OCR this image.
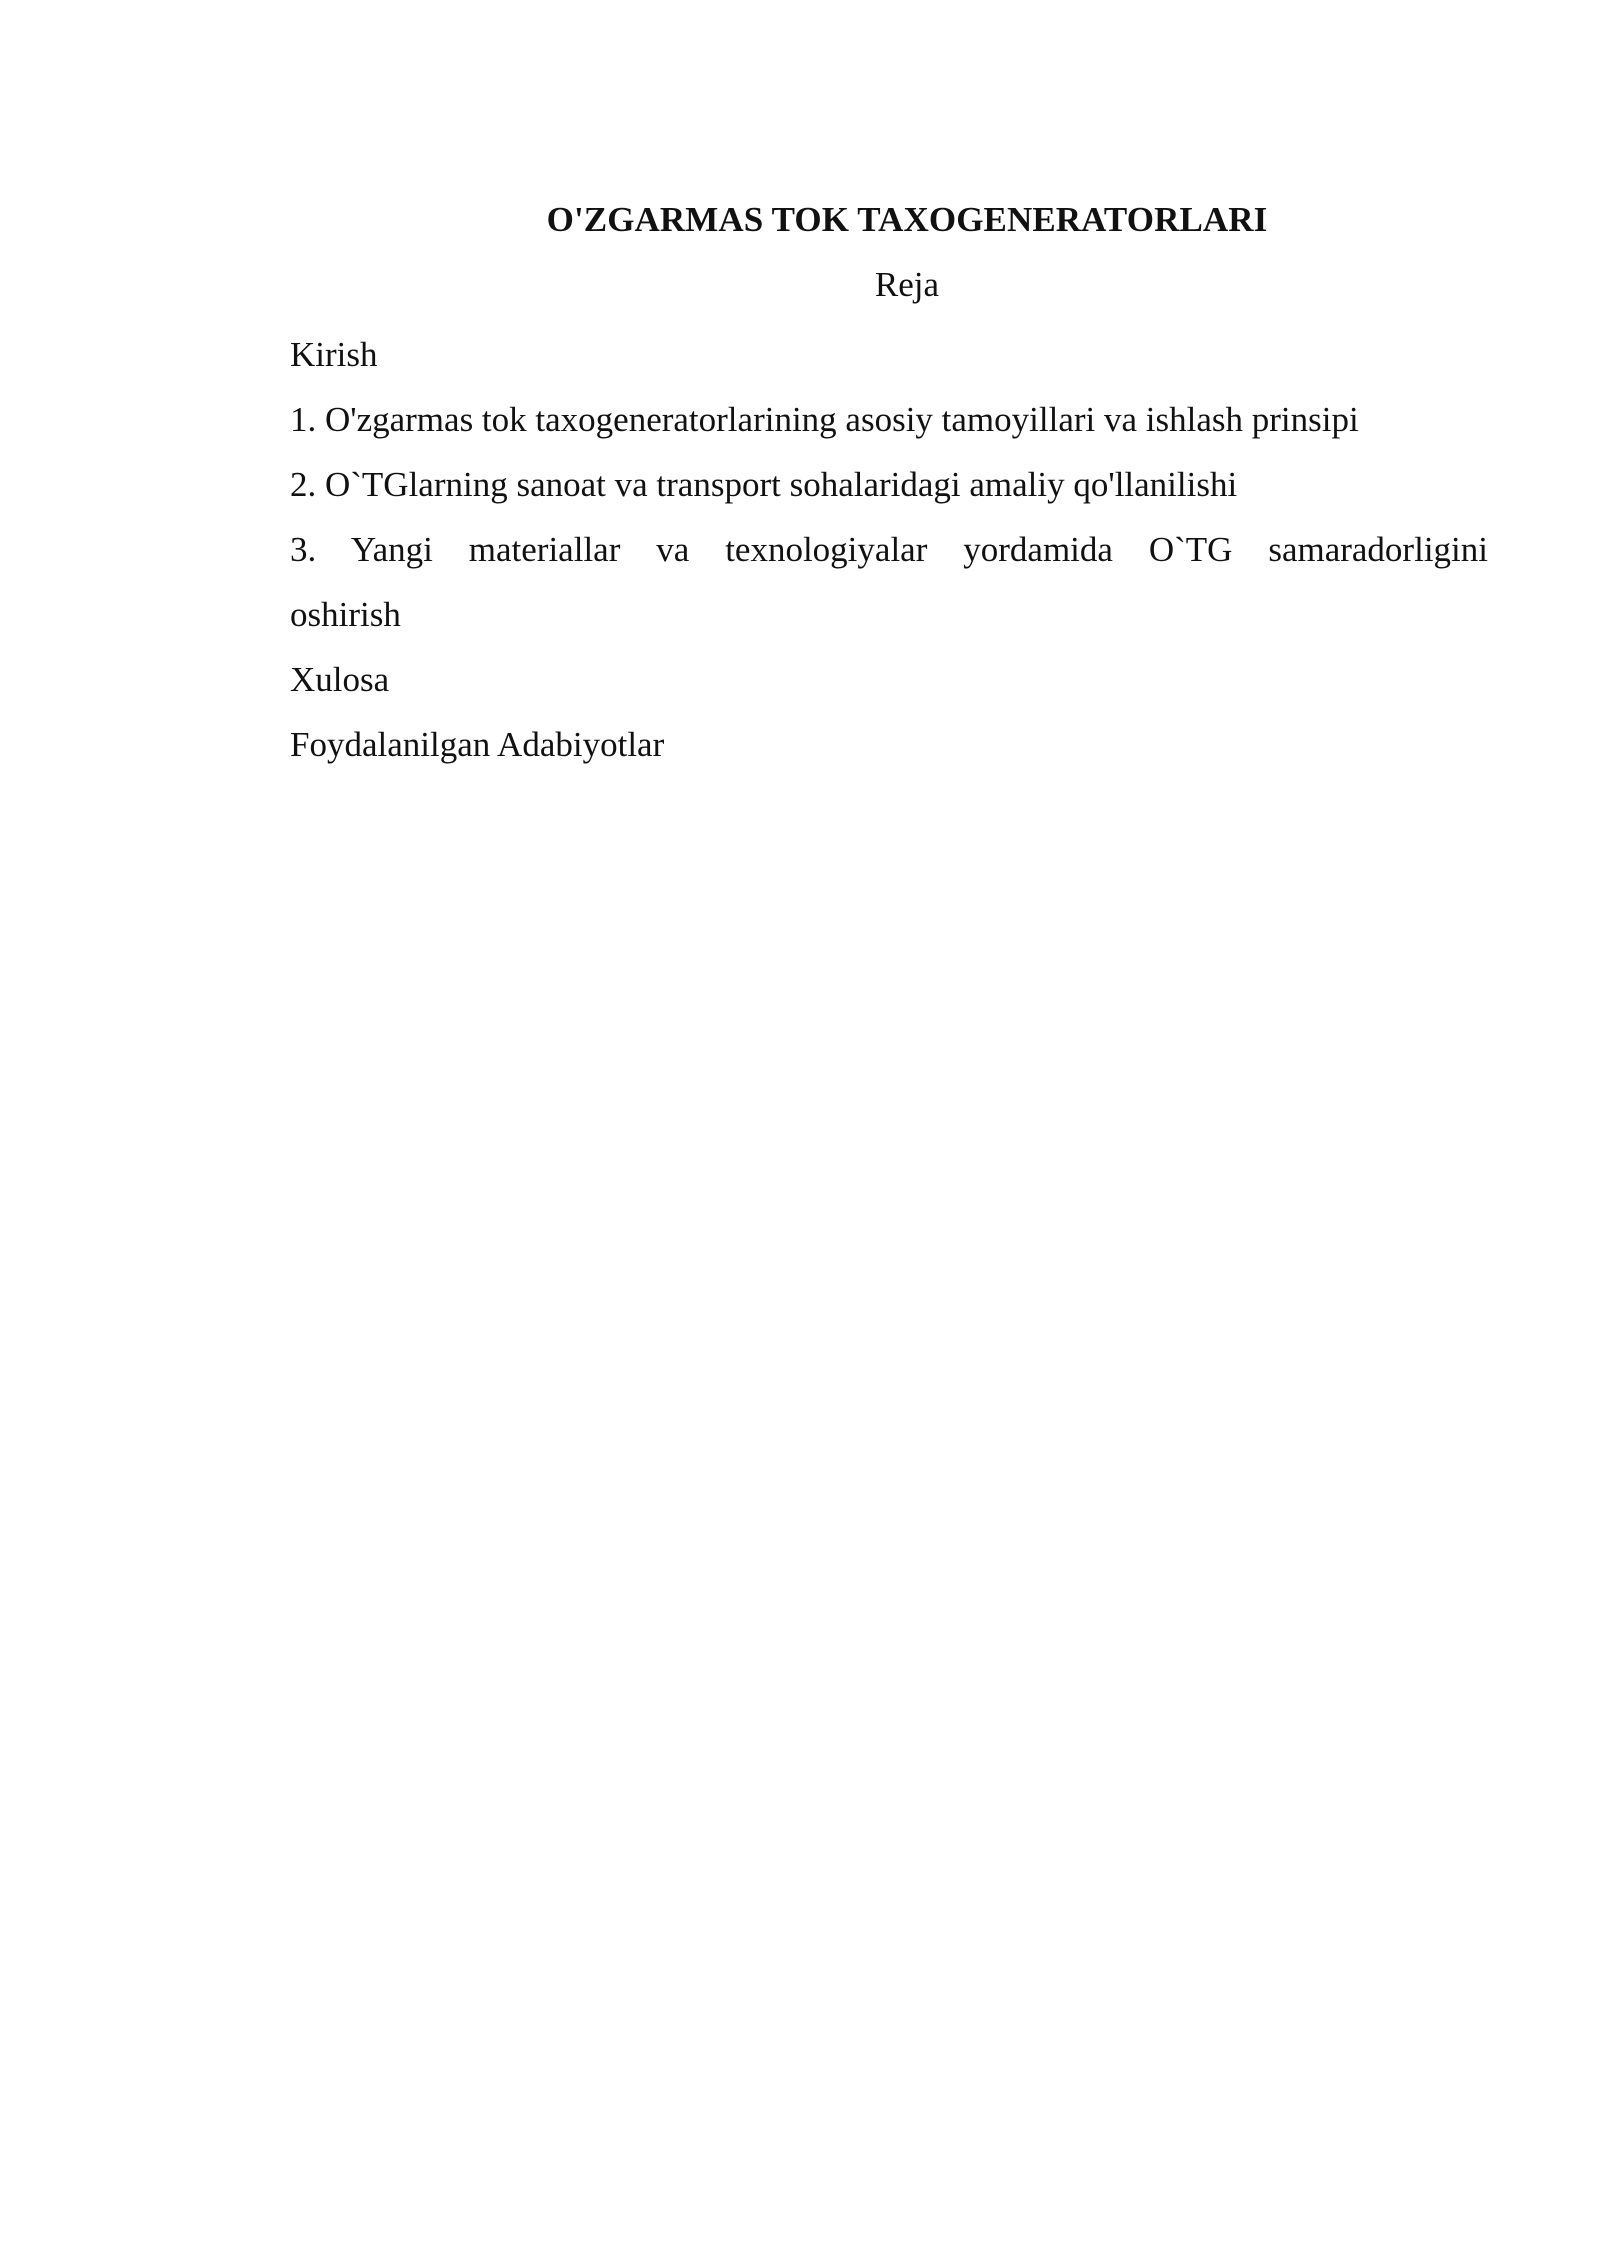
O'ZGARMAS TOK TAXOGENERATORLARI
Reja
Kirish
1. O'zgarmas tok taxogeneratorlarining asosiy tamoyillari va ishlash prinsipi
2. O`TGlarning sanoat va transport sohalaridagi amaliy qo'llanilishi
3. Yangi materiallar va texnologiyalar yordamida O`TG samaradorligini
oshirish
Xulosa
Foydalanilgan Adabiyotlar
